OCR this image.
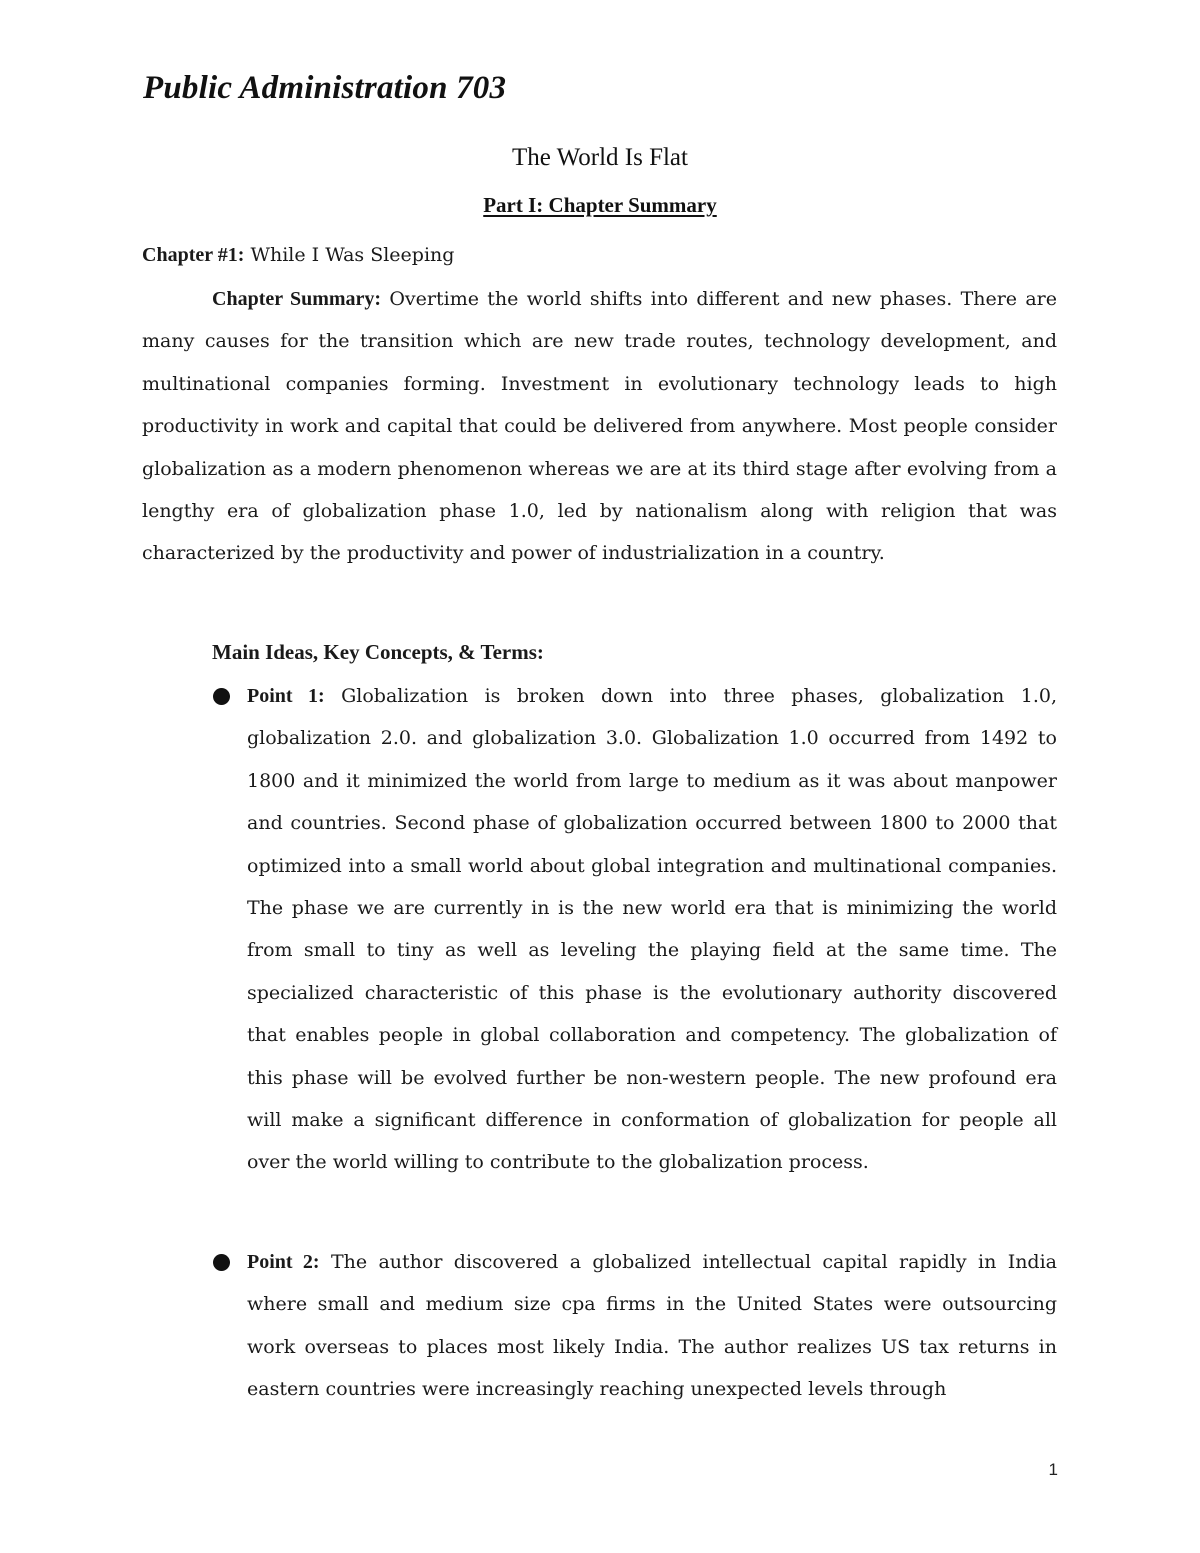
Public Administration 703
The World Is Flat
Part I: Chapter Summary
Chapter #1: While I Was Sleeping

Chapter Summary: Overtime the world shifts into different and new phases. There are many causes for the transition which are new trade routes, technology development, and multinational companies forming. Investment in evolutionary technology leads to high productivity in work and capital that could be delivered from anywhere. Most people consider globalization as a modern phenomenon whereas we are at its third stage after evolving from a lengthy era of globalization phase 1.0, led by nationalism along with religion that was characterized by the productivity and power of industrialization in a country.

Main Ideas, Key Concepts, & Terms:

Point 1: Globalization is broken down into three phases, globalization 1.0, globalization 2.0. and globalization 3.0. Globalization 1.0 occurred from 1492 to 1800 and it minimized the world from large to medium as it was about manpower and countries. Second phase of globalization occurred between 1800 to 2000 that optimized into a small world about global integration and multinational companies. The phase we are currently in is the new world era that is minimizing the world from small to tiny as well as leveling the playing field at the same time. The specialized characteristic of this phase is the evolutionary authority discovered that enables people in global collaboration and competency. The globalization of this phase will be evolved further be non-western people. The new profound era will make a significant difference in conformation of globalization for people all over the world willing to contribute to the globalization process.

Point 2: The author discovered a globalized intellectual capital rapidly in India where small and medium size cpa firms in the United States were outsourcing work overseas to places most likely India. The author realizes US tax returns in eastern countries were increasingly reaching unexpected levels through

1
